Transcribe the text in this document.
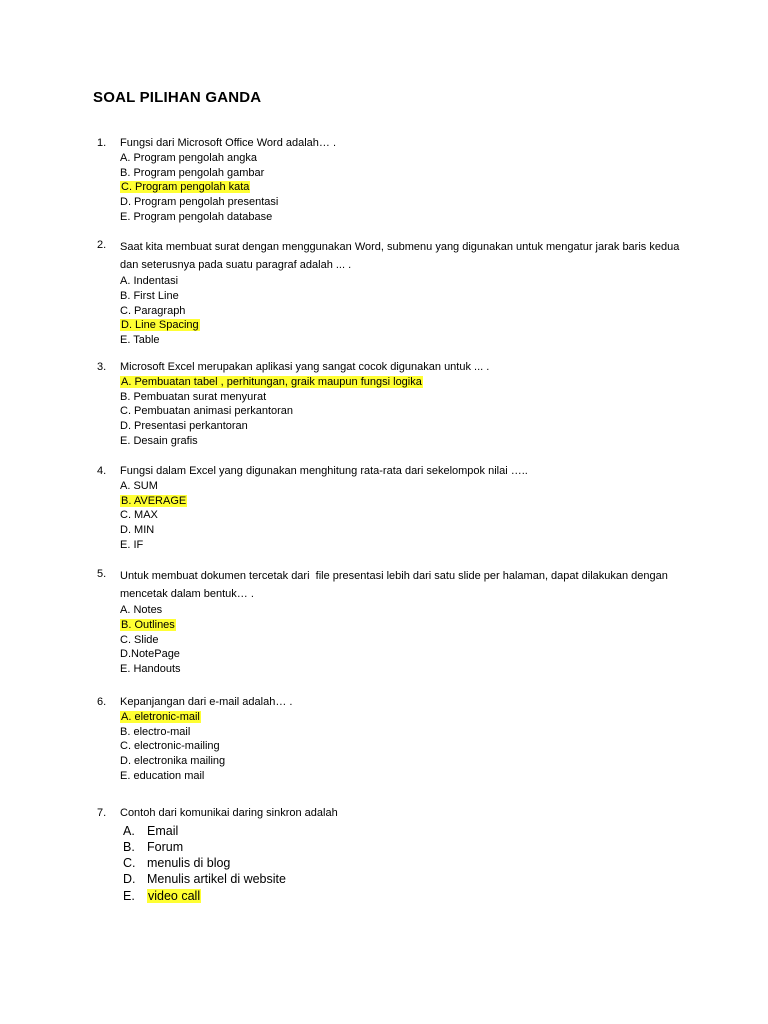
SOAL PILIHAN GANDA
1. Fungsi dari Microsoft Office Word adalah… .
A. Program pengolah angka
B. Program pengolah gambar
C. Program pengolah kata
D. Program pengolah presentasi
E. Program pengolah database
2. Saat kita membuat surat dengan menggunakan Word, submenu yang digunakan untuk mengatur jarak baris kedua dan seterusnya pada suatu paragraf adalah ... .
A. Indentasi
B. First Line
C. Paragraph
D. Line Spacing
E. Table
3. Microsoft Excel merupakan aplikasi yang sangat cocok digunakan untuk ... .
A. Pembuatan tabel , perhitungan, graik maupun fungsi logika
B. Pembuatan surat menyurat
C. Pembuatan animasi perkantoran
D. Presentasi perkantoran
E. Desain grafis
4. Fungsi dalam Excel yang digunakan menghitung rata-rata dari sekelompok nilai …..
A. SUM
B. AVERAGE
C. MAX
D. MIN
E. IF
5. Untuk membuat dokumen tercetak dari  file presentasi lebih dari satu slide per halaman, dapat dilakukan dengan mencetak dalam bentuk… .
A. Notes
B. Outlines
C. Slide
D.NotePage
E. Handouts
6. Kepanjangan dari e-mail adalah… .
A. eletronic-mail
B. electro-mail
C. electronic-mailing
D. electronika mailing
E. education mail
7. Contoh dari komunikai daring sinkron adalah
A. Email
B. Forum
C. menulis di blog
D. Menulis artikel di website
E. video call
